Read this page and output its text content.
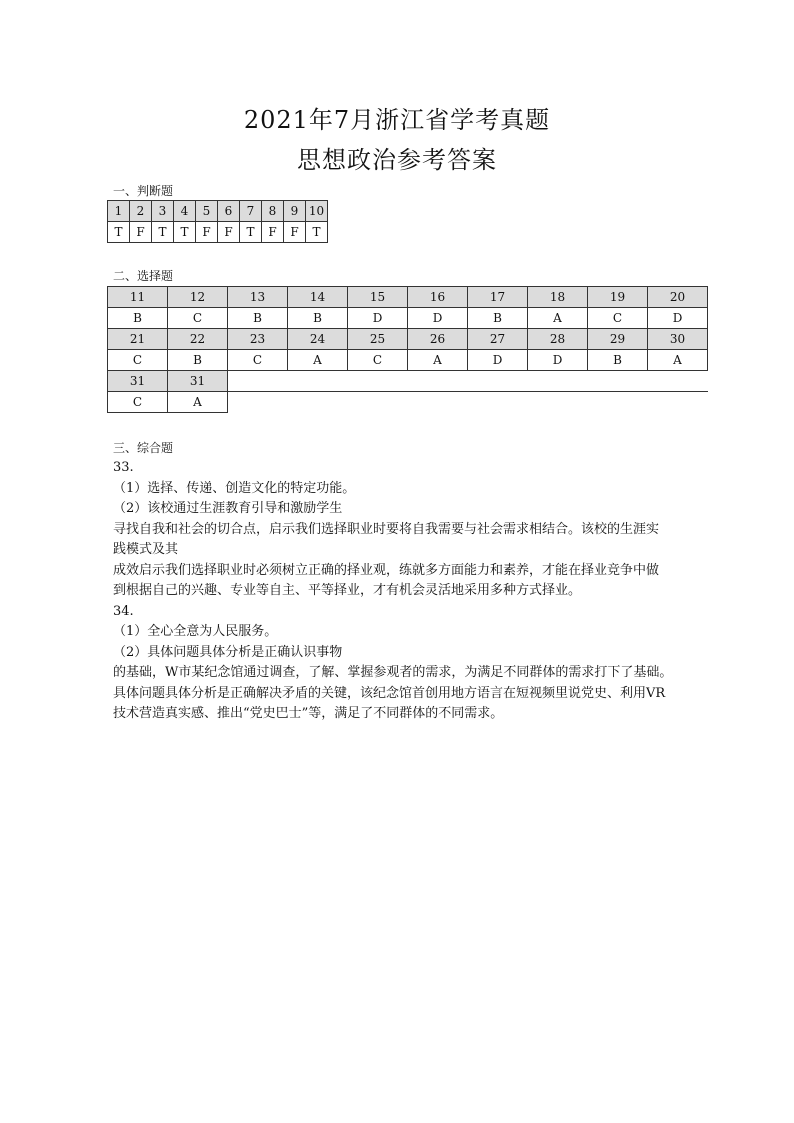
2021年7月浙江省学考真题
思想政治参考答案
一、判断题
1	2	3	4	5	6	7	8	9	10
T	F	T	T	F	F	T	F	F	T
二、选择题
11	12	13	14	15	16	17	18	19	20
B	C	B	B	D	D	B	A	C	D
21	22	23	24	25	26	27	28	29	30
C	B	C	A	C	A	D	D	B	A
31	31								
C	A								
三、综合题

33.

（1）选择、传递、创造文化的特定功能。

（2）该校通过生涯教育引导和激励学生

寻找自我和社会的切合点，启示我们选择职业时要将自我需要与社会需求相结合。该校的生涯实

践模式及其

成效启示我们选择职业时必须树立正确的择业观，练就多方面能力和素养，才能在择业竞争中做

到根据自己的兴趣、专业等自主、平等择业，才有机会灵活地采用多种方式择业。

34.

（1）全心全意为人民服务。

（2）具体问题具体分析是正确认识事物

的基础，W市某纪念馆通过调查，了解、掌握参观者的需求，为满足不同群体的需求打下了基础。

具体问题具体分析是正确解决矛盾的关键，该纪念馆首创用地方语言在短视频里说党史、利用VR

技术营造真实感、推出“党史巴士”等，满足了不同群体的不同需求。
